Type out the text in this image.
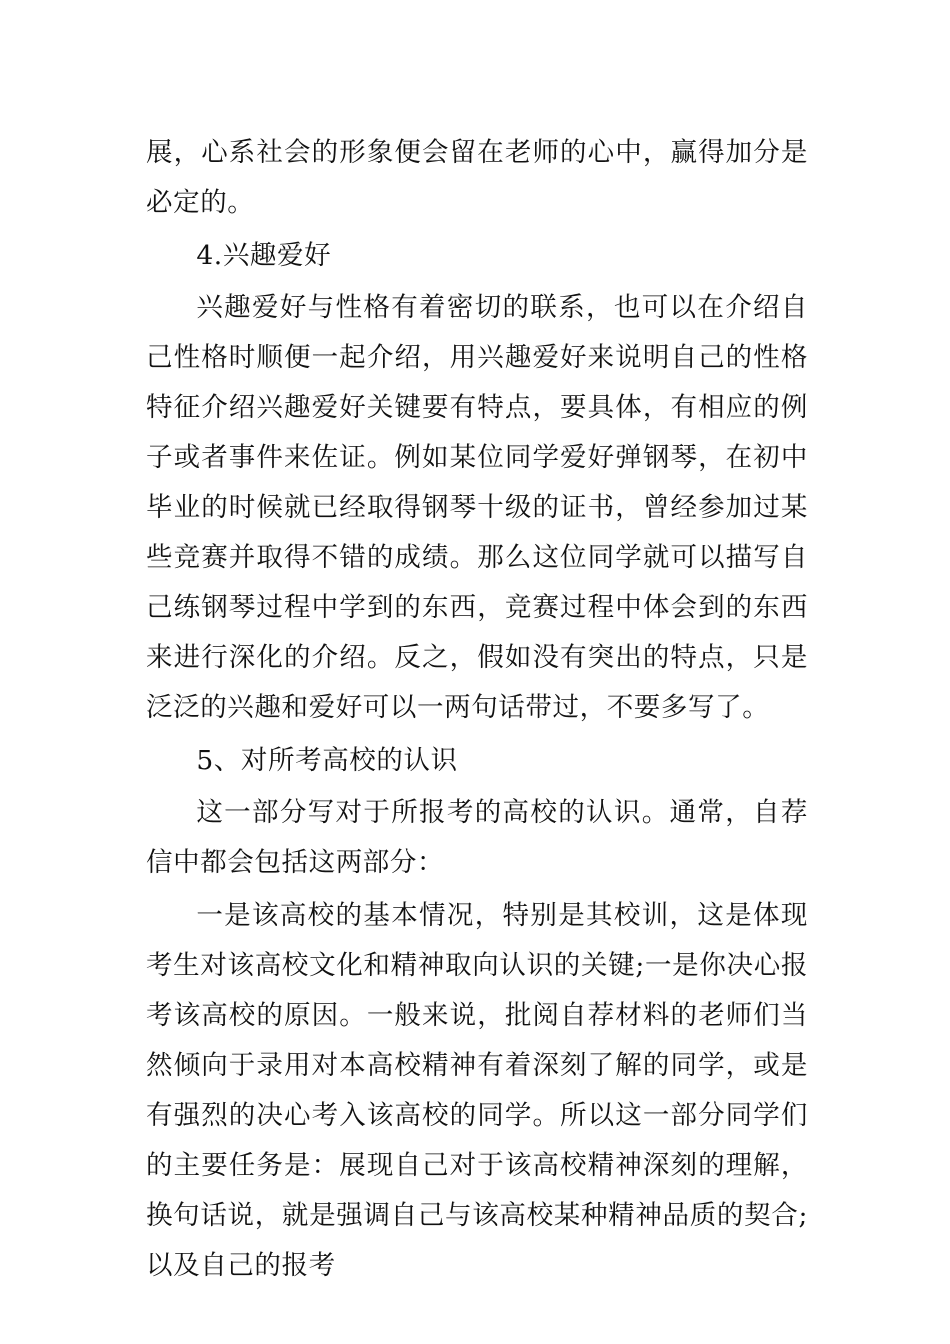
展，心系社会的形象便会留在老师的心中，赢得加分是必定的。

4.兴趣爱好

兴趣爱好与性格有着密切的联系，也可以在介绍自己性格时顺便一起介绍，用兴趣爱好来说明自己的性格特征介绍兴趣爱好关键要有特点，要具体，有相应的例子或者事件来佐证。例如某位同学爱好弹钢琴，在初中毕业的时候就已经取得钢琴十级的证书，曾经参加过某些竞赛并取得不错的成绩。那么这位同学就可以描写自己练钢琴过程中学到的东西，竞赛过程中体会到的东西来进行深化的介绍。反之，假如没有突出的特点，只是泛泛的兴趣和爱好可以一两句话带过，不要多写了。

5、对所考高校的认识

这一部分写对于所报考的高校的认识。通常，自荐信中都会包括这两部分：

一是该高校的基本情况，特别是其校训，这是体现考生对该高校文化和精神取向认识的关键;一是你决心报考该高校的原因。一般来说，批阅自荐材料的老师们当然倾向于录用对本高校精神有着深刻了解的同学，或是有强烈的决心考入该高校的同学。所以这一部分同学们的主要任务是：展现自己对于该高校精神深刻的理解，换句话说，就是强调自己与该高校某种精神品质的契合;以及自己的报考
